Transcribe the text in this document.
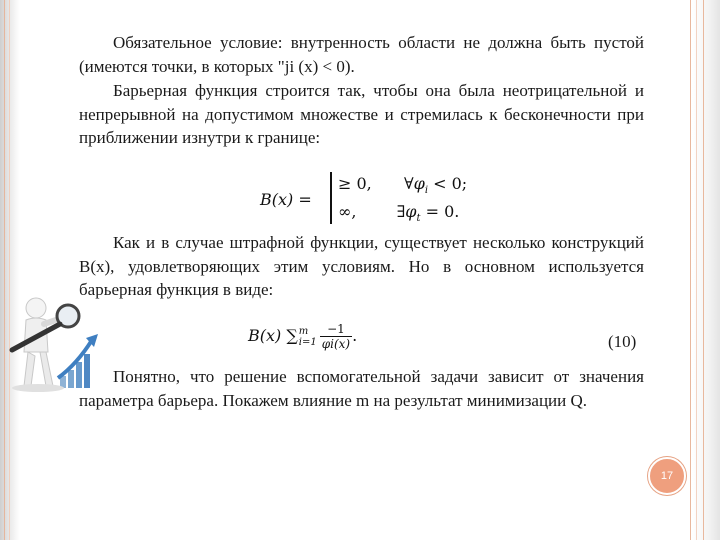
Обязательное условие: внутренность области не должна быть пустой (имеются точки, в которых "ji (x) < 0).

Барьерная функция строится так, чтобы она была неотрицательной и непрерывной на допустимом множестве и стремилась к бесконечности при приближении изнутри к границе:

B(x) =
≥ 0, $\forall\varphi_i < 0$;
∞,	$\exists\varphi_t = 0$.

Как и в случае штрафной функции, существует несколько конструкций B(x), удовлетворяющих этим условиям. Но в основном используется барьерная функция в виде:

B(x) ∑ m
$i=1 \frac{-1}{\varphi i(x)}$ .	(10)

Понятно, что решение вспомогательной задачи зависит от значения параметра барьера. Покажем влияние m на результат минимизации Q.

17
